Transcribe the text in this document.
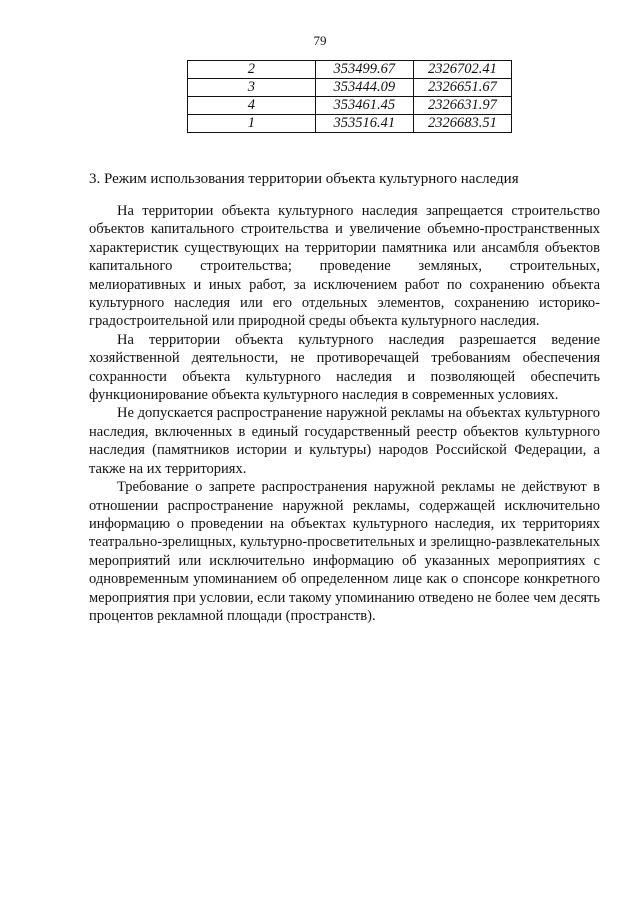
79
2	353499.67	2326702.41
3	353444.09	2326651.67
4	353461.45	2326631.97
1	353516.41	2326683.51
3. Режим использования территории объекта культурного наследия

На территории объекта культурного наследия запрещается строительство объектов капитального строительства и увеличение объемно-пространственных характеристик существующих на территории памятника или ансамбля объектов капитального строительства; проведение земляных, строительных, мелиоративных и иных работ, за исключением работ по сохранению объекта культурного наследия или его отдельных элементов, сохранению историко-градостроительной или природной среды объекта культурного наследия.

На территории объекта культурного наследия разрешается ведение хозяйственной деятельности, не противоречащей требованиям обеспечения сохранности объекта культурного наследия и позволяющей обеспечить функционирование объекта культурного наследия в современных условиях.

Не допускается распространение наружной рекламы на объектах культурного наследия, включенных в единый государственный реестр объектов культурного наследия (памятников истории и культуры) народов Российской Федерации, а также на их территориях.

Требование о запрете распространения наружной рекламы не действуют в отношении распространение наружной рекламы, содержащей исключительно информацию о проведении на объектах культурного наследия, их территориях театрально-зрелищных, культурно-просветительных и зрелищно-развлекательных мероприятий или исключительно информацию об указанных мероприятиях с одновременным упоминанием об определенном лице как о спонсоре конкретного мероприятия при условии, если такому упоминанию отведено не более чем десять процентов рекламной площади (пространств).
